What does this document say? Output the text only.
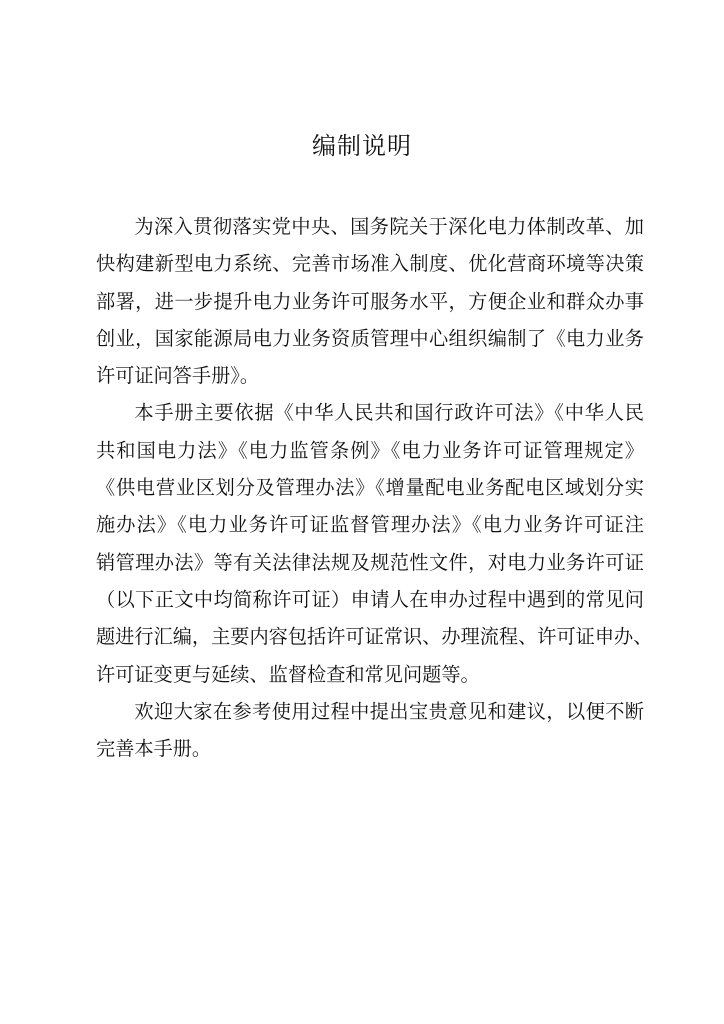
编制说明

为深入贯彻落实党中央、国务院关于深化电力体制改革、加
快构建新型电力系统、完善市场准入制度、优化营商环境等决策
部署，进一步提升电力业务许可服务水平，方便企业和群众办事
创业，国家能源局电力业务资质管理中心组织编制了《电力业务
许可证问答手册》。

本手册主要依据《中华人民共和国行政许可法》《中华人民
共和国电力法》《电力监管条例》《电力业务许可证管理规定》
《供电营业区划分及管理办法》《增量配电业务配电区域划分实
施办法》《电力业务许可证监督管理办法》《电力业务许可证注
销管理办法》等有关法律法规及规范性文件，对电力业务许可证
（以下正文中均简称许可证）申请人在申办过程中遇到的常见问
题进行汇编，主要内容包括许可证常识、办理流程、许可证申办、
许可证变更与延续、监督检查和常见问题等。

欢迎大家在参考使用过程中提出宝贵意见和建议，以便不断
完善本手册。
